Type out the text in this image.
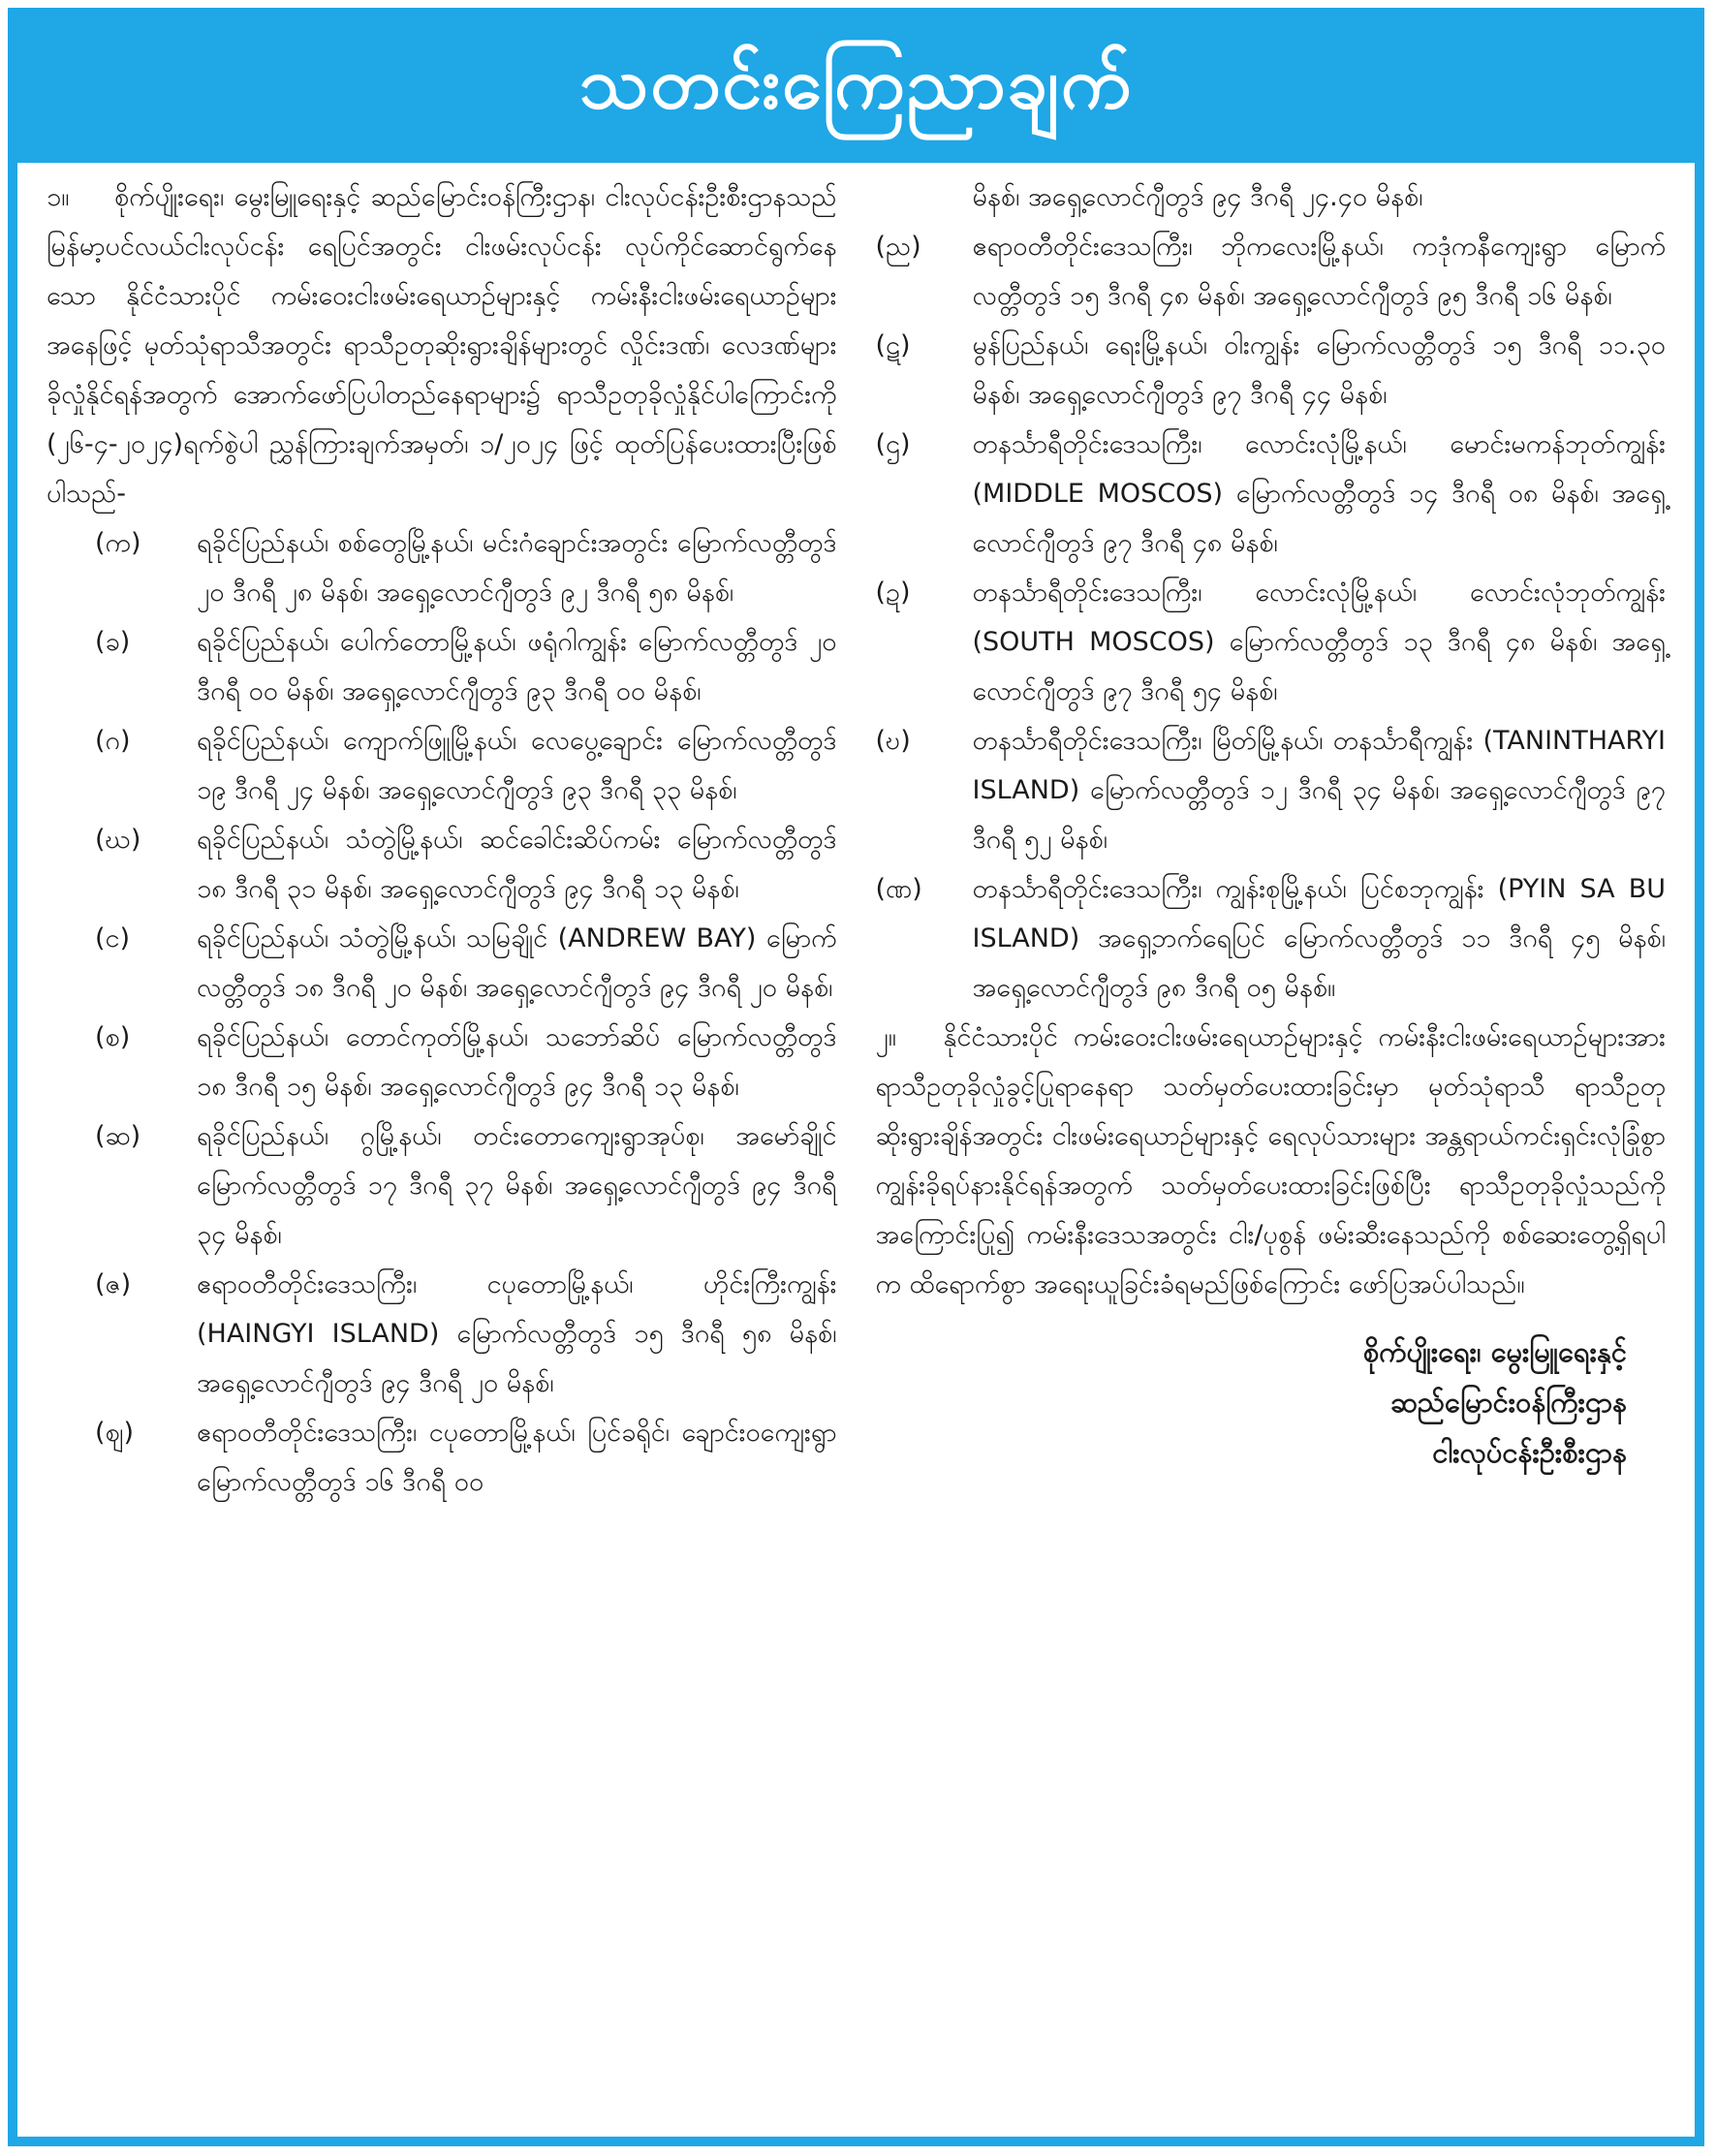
သတင်းကြေညာချက်

၁။ စိုက်ပျိုးရေး၊ မွေးမြူရေးနှင့် ဆည်မြောင်းဝန်ကြီးဌာန၊ ငါးလုပ်ငန်းဦးစီးဌာနသည် မြန်မာ့ပင်လယ်ငါးလုပ်ငန်း ရေပြင်အတွင်း ငါးဖမ်းလုပ်ငန်း လုပ်ကိုင်ဆောင်ရွက်နေသော နိုင်ငံသားပိုင် ကမ်းဝေးငါးဖမ်းရေယာဉ်များနှင့် ကမ်းနီးငါးဖမ်းရေယာဉ်များအနေဖြင့် မုတ်သုံရာသီအတွင်း ရာသီဥတုဆိုးရွားချိန်များတွင် လှိုင်းဒဏ်၊ လေဒဏ်များ ခိုလှုံနိုင်ရန်အတွက် အောက်ဖော်ပြပါတည်နေရာများ၌ ရာသီဥတုခိုလှုံနိုင်ပါကြောင်းကို (၂၆-၄-၂၀၂၄)ရက်စွဲပါ ညွှန်ကြားချက်အမှတ်၊ ၁/၂၀၂၄ ဖြင့် ထုတ်ပြန်ပေးထားပြီးဖြစ်ပါသည်-

(က)	ရခိုင်ပြည်နယ်၊ စစ်တွေမြို့နယ်၊ မင်းဂံချောင်းအတွင်း မြောက်လတ္တီတွဒ် ၂၀ ဒီဂရီ ၂၈ မိနစ်၊ အရှေ့လောင်ဂျီတွဒ် ၉၂ ဒီဂရီ ၅၈ မိနစ်၊
(ခ)	ရခိုင်ပြည်နယ်၊ ပေါက်တောမြို့နယ်၊ ဖရုံဂါကျွန်း မြောက်လတ္တီတွဒ် ၂၀ ဒီဂရီ ၀၀ မိနစ်၊ အရှေ့လောင်ဂျီတွဒ် ၉၃ ဒီဂရီ ၀၀ မိနစ်၊
(ဂ)	ရခိုင်ပြည်နယ်၊ ကျောက်ဖြူမြို့နယ်၊ လေပွေ့ချောင်း မြောက်လတ္တီတွဒ် ၁၉ ဒီဂရီ ၂၄ မိနစ်၊ အရှေ့လောင်ဂျီတွဒ် ၉၃ ဒီဂရီ ၃၃ မိနစ်၊
(ဃ)	ရခိုင်ပြည်နယ်၊ သံတွဲမြို့နယ်၊ ဆင်ခေါင်းဆိပ်ကမ်း မြောက်လတ္တီတွဒ် ၁၈ ဒီဂရီ ၃၁ မိနစ်၊ အရှေ့လောင်ဂျီတွဒ် ၉၄ ဒီဂရီ ၁၃ မိနစ်၊
(င)	ရခိုင်ပြည်နယ်၊ သံတွဲမြို့နယ်၊ သမြချိုင် (ANDREW BAY) မြောက်လတ္တီတွဒ် ၁၈ ဒီဂရီ ၂၀ မိနစ်၊ အရှေ့လောင်ဂျီတွဒ် ၉၄ ဒီဂရီ ၂၀ မိနစ်၊
(စ)	ရခိုင်ပြည်နယ်၊ တောင်ကုတ်မြို့နယ်၊ သဘော်ဆိပ် မြောက်လတ္တီတွဒ် ၁၈ ဒီဂရီ ၁၅ မိနစ်၊ အရှေ့လောင်ဂျီတွဒ် ၉၄ ဒီဂရီ ၁၃ မိနစ်၊
(ဆ)	ရခိုင်ပြည်နယ်၊ ဂွမြို့နယ်၊ တင်းတောကျေးရွာအုပ်စု၊ အမော်ချိုင် မြောက်လတ္တီတွဒ် ၁၇ ဒီဂရီ ၃၇ မိနစ်၊ အရှေ့လောင်ဂျီတွဒ် ၉၄ ဒီဂရီ ၃၄ မိနစ်၊
(ဇ)	ဧရာဝတီတိုင်းဒေသကြီး၊ ငပုတောမြို့နယ်၊ ဟိုင်းကြီးကျွန်း (HAINGYI ISLAND) မြောက်လတ္တီတွဒ် ၁၅ ဒီဂရီ ၅၈ မိနစ်၊ အရှေ့လောင်ဂျီတွဒ် ၉၄ ဒီဂရီ ၂၀ မိနစ်၊
(ဈ)	ဧရာဝတီတိုင်းဒေသကြီး၊ ငပုတောမြို့နယ်၊ ပြင်ခရိုင်၊ ချောင်းဝကျေးရွာ မြောက်လတ္တီတွဒ် ၁၆ ဒီဂရီ ၀၀
မိနစ်၊ အရှေ့လောင်ဂျီတွဒ် ၉၄ ဒီဂရီ ၂၄.၄၀ မိနစ်၊
(ည)	ဧရာဝတီတိုင်းဒေသကြီး၊ ဘိုကလေးမြို့နယ်၊ ကဒုံကနီကျေးရွာ မြောက်လတ္တီတွဒ် ၁၅ ဒီဂရီ ၄၈ မိနစ်၊ အရှေ့လောင်ဂျီတွဒ် ၉၅ ဒီဂရီ ၁၆ မိနစ်၊
(ဋ)	မွန်ပြည်နယ်၊ ရေးမြို့နယ်၊ ဝါးကျွန်း မြောက်လတ္တီတွဒ် ၁၅ ဒီဂရီ ၁၁.၃၀ မိနစ်၊ အရှေ့လောင်ဂျီတွဒ် ၉၇ ဒီဂရီ ၄၄ မိနစ်၊
(ဌ)	တနင်္သာရီတိုင်းဒေသကြီး၊ လောင်းလုံမြို့နယ်၊ မောင်းမကန်ဘုတ်ကျွန်း (MIDDLE MOSCOS) မြောက်လတ္တီတွဒ် ၁၄ ဒီဂရီ ၀၈ မိနစ်၊ အရှေ့လောင်ဂျီတွဒ် ၉၇ ဒီဂရီ ၄၈ မိနစ်၊
(ဍ)	တနင်္သာရီတိုင်းဒေသကြီး၊ လောင်းလုံမြို့နယ်၊ လောင်းလုံဘုတ်ကျွန်း (SOUTH MOSCOS) မြောက်လတ္တီတွဒ် ၁၃ ဒီဂရီ ၄၈ မိနစ်၊ အရှေ့လောင်ဂျီတွဒ် ၉၇ ဒီဂရီ ၅၄ မိနစ်၊
(ဎ)	တနင်္သာရီတိုင်းဒေသကြီး၊ မြိတ်မြို့နယ်၊ တနင်္သာရီကျွန်း (TANINTHARYI ISLAND) မြောက်လတ္တီတွဒ် ၁၂ ဒီဂရီ ၃၄ မိနစ်၊ အရှေ့လောင်ဂျီတွဒ် ၉၇ ဒီဂရီ ၅၂ မိနစ်၊
(ဏ)	တနင်္သာရီတိုင်းဒေသကြီး၊ ကျွန်းစုမြို့နယ်၊ ပြင်စဘုကျွန်း (PYIN SA BU ISLAND) အရှေ့ဘက်ရေပြင် မြောက်လတ္တီတွဒ် ၁၁ ဒီဂရီ ၄၅ မိနစ်၊ အရှေ့လောင်ဂျီတွဒ် ၉၈ ဒီဂရီ ၀၅ မိနစ်။

၂။ နိုင်ငံသားပိုင် ကမ်းဝေးငါးဖမ်းရေယာဉ်များနှင့် ကမ်းနီးငါးဖမ်းရေယာဉ်များအား ရာသီဥတုခိုလှုံခွင့်ပြုရာနေရာ သတ်မှတ်ပေးထားခြင်းမှာ မုတ်သုံရာသီ ရာသီဥတုဆိုးရွားချိန်အတွင်း ငါးဖမ်းရေယာဉ်များနှင့် ရေလုပ်သားများ အန္တရာယ်ကင်းရှင်းလုံခြုံစွာ ကျွန်းခိုရပ်နားနိုင်ရန်အတွက် သတ်မှတ်ပေးထားခြင်းဖြစ်ပြီး ရာသီဥတုခိုလှုံသည်ကိုအကြောင်းပြု၍ ကမ်းနီးဒေသအတွင်း ငါး/ပုစွန် ဖမ်းဆီးနေသည်ကို စစ်ဆေးတွေ့ရှိရပါက ထိရောက်စွာ အရေးယူခြင်းခံရမည်ဖြစ်ကြောင်း ဖော်ပြအပ်ပါသည်။

စိုက်ပျိုးရေး၊ မွေးမြူရေးနှင့်
ဆည်မြောင်းဝန်ကြီးဌာန
ငါးလုပ်ငန်းဦးစီးဌာန
